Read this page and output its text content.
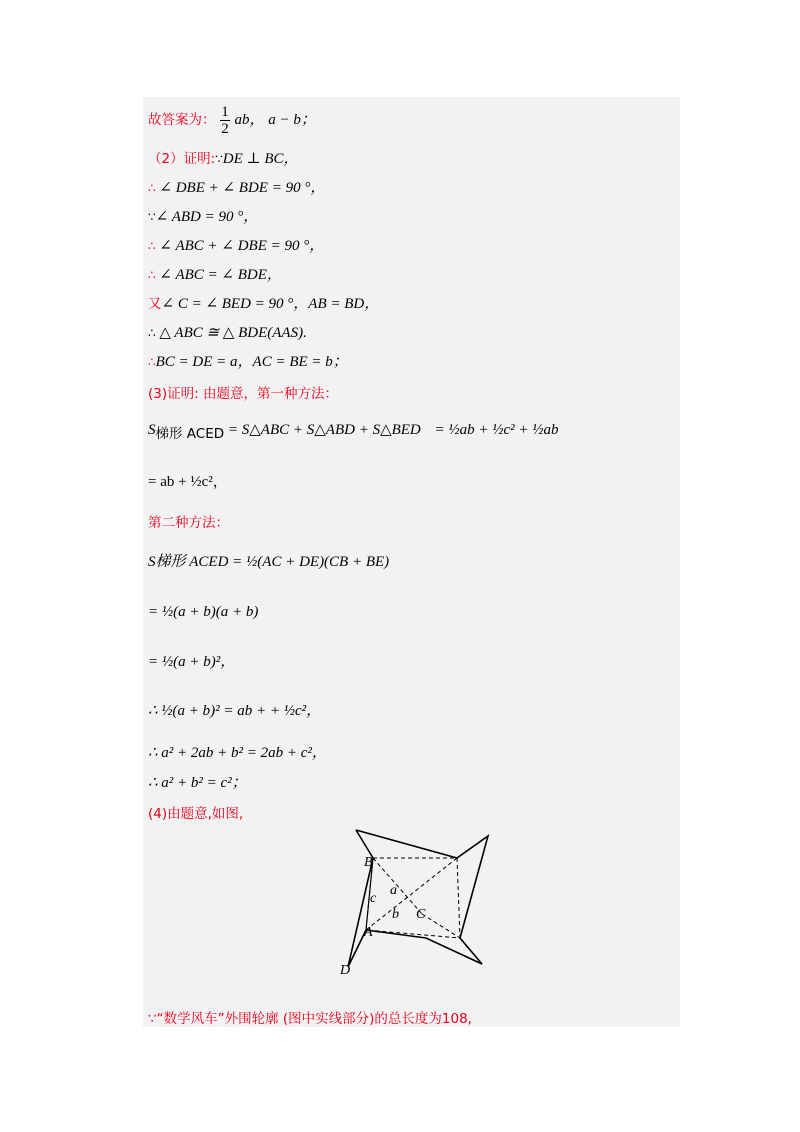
故答案为： $\frac{1}{2}$ ab， a − b；
（2）证明:∵DE ⊥ BC，
∴ ∠ DBE + ∠ BDE = 90 °，
∵∠ ABD = 90 °，
∴ ∠ ABC + ∠ DBE = 90 °，
∴ ∠ ABC = ∠ BDE，
又∠ C = ∠ BED = 90 °，AB = BD，
∴ △ ABC ≅ △ BDE(AAS).
∴BC = DE = a，AC = BE = b；
(3)证明: 由题意，第一种方法：
$S_{梯形 ACED}$ = S△ABC + S△ABD + S△BED = ½ab + ½c² + ½ab
= ab + ½c²，
第二种方法：
S梯形 ACED = ½(AC + DE)(CB + BE)
= ½(a + b)(a + b)
= ½(a + b)²，
∴ ½(a + b)² = ab + + ½c²，
∴ a² + 2ab + b² = 2ab + c²，
∴ a² + b² = c²；
(4)由题意,如图,
B
A
C
D
a
b
c
∵“数学风车”外围轮廓 (图中实线部分)的总长度为108,
